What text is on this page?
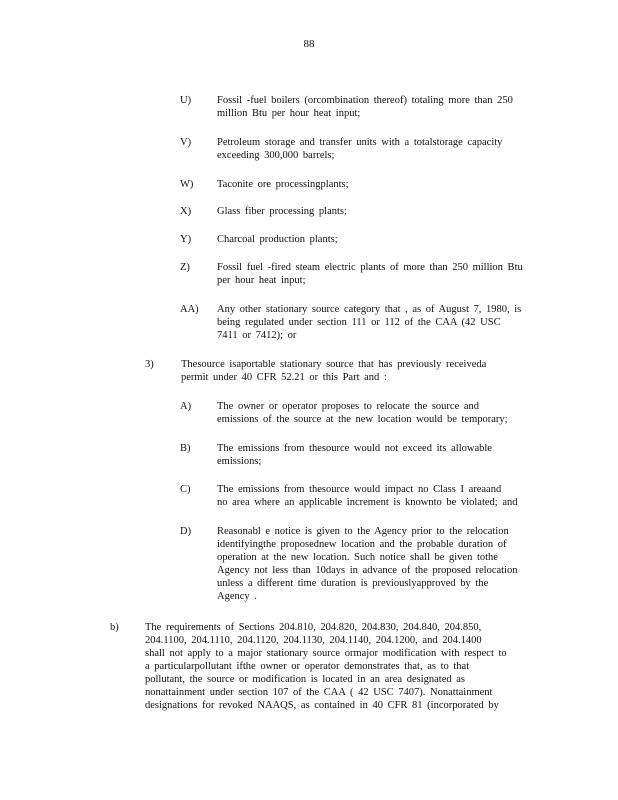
88
U) Fossil -fuel boilers (orcombination thereof) totaling more than 250
million Btu per hour heat input;
V) Petroleum storage and transfer units with a totalstorage capacity
exceeding 300,000 barrels;
W) Taconite ore processingplants;
X) Glass fiber processing plants;
Y) Charcoal production plants;
Z)	Fossil fuel -fired steam electric plants of more than 250 million Btu
per hour heat input;
AA) Any other stationary source category that , as of August 7, 1980, is
being regulated under section 111 or 112 of the CAA (42 USC
7411 or 7412); or
3)	Thesource isaportable stationary source that has previously receiveda
permit under 40 CFR 52.21 or this Part and :
A) The owner or operator proposes to relocate the source and
emissions of the source at the new location would be temporary;
B)	The emissions from thesource would not exceed its allowable
emissions;
C)	The emissions from thesource would impact no Class I areaand
no area where an applicable increment is knownto be violated; and
D) Reasonabl e notice is given to the Agency prior to the relocation
identifyingthe proposednew location and the probable duration of
operation at the new location. Such notice shall be given tothe
Agency not less than 10days in advance of the proposed relocation
unless a different time duration is previouslyapproved by the
Agency .
b)	The requirements of Sections 204.810, 204.820, 204.830, 204.840, 204.850,
204.1100, 204.1110, 204.1120, 204.1130, 204.1140, 204.1200, and 204.1400
shall not apply to a major stationary source ormajor modification with respect to
a particularpollutant ifthe owner or operator demonstrates that, as to that
pollutant, the source or modification is located in an area designated as
nonattainment under section 107 of the CAA ( 42 USC 7407). Nonattainment
designations for revoked NAAQS, as contained in 40 CFR 81 (incorporated by
